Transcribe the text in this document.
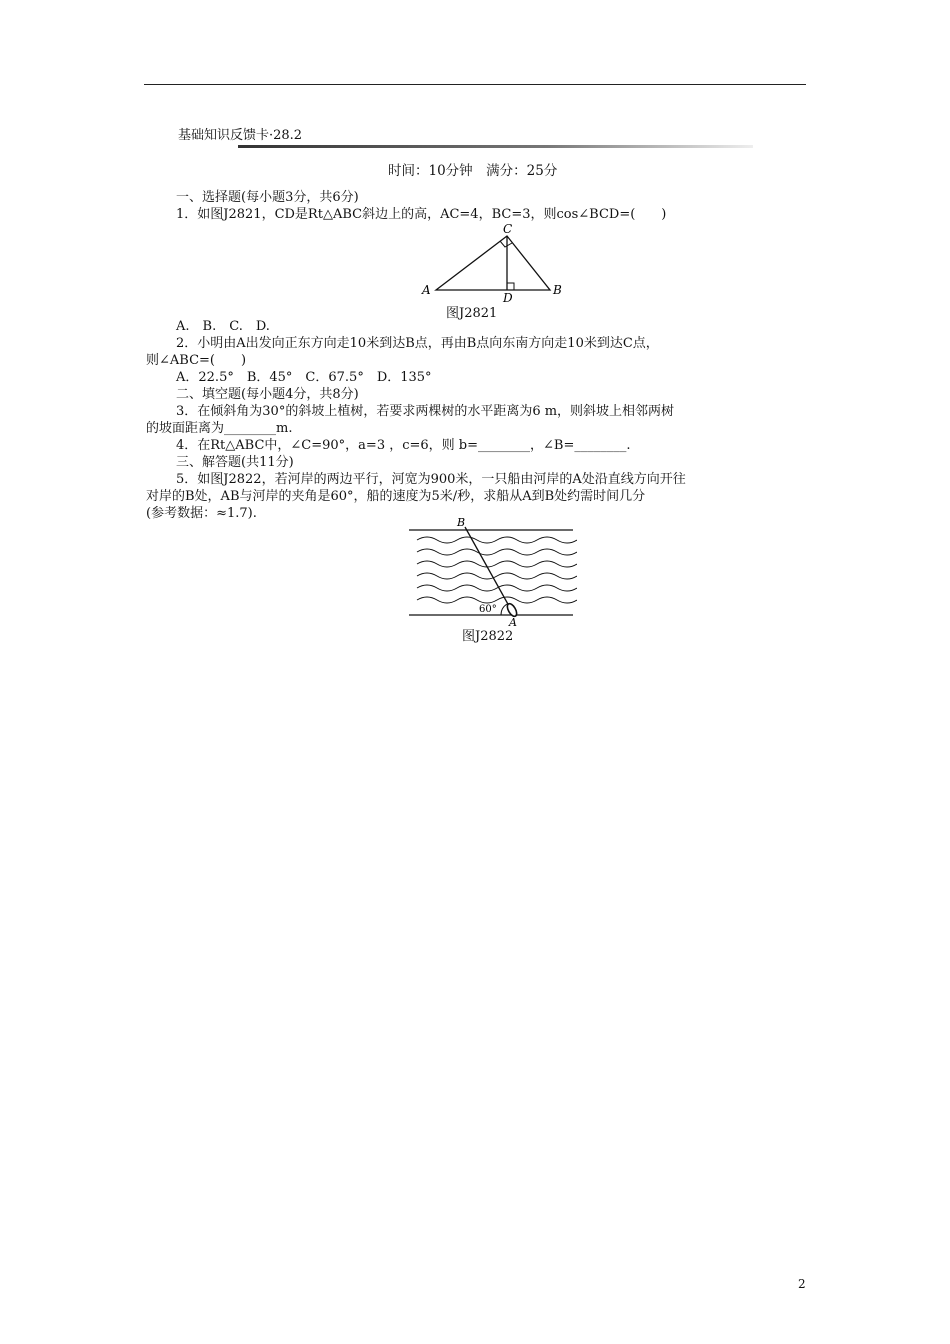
基础知识反馈卡·28.2
时间：10分钟　满分：25分
一、选择题(每小题3分，共6分)
1．如图J2821，CD是Rt△ABC斜边上的高，AC=4，BC=3，则cos∠BCD=(　　)
A	B
C
D
图J2821
A.　B.　C.　D.
2．小明由A出发向正东方向走10米到达B点，再由B点向东南方向走10米到达C点，
则∠ABC=(　　)
A．22.5°　B．45°　C．67.5°　D．135°
二、填空题(每小题4分，共8分)
3．在倾斜角为30°的斜坡上植树，若要求两棵树的水平距离为6 m，则斜坡上相邻两树
的坡面距离为________m.
4．在Rt△ABC中，∠C=90°，a=3 ，c=6，则 b=________，∠B=________.
三、解答题(共11分)
5．如图J2822，若河岸的两边平行，河宽为900米，一只船由河岸的A处沿直线方向开往
对岸的B处，AB与河岸的夹角是60°，船的速度为5米/秒，求船从A到B处约需时间几分
(参考数据：≈1.7).
B
A
60°
图J2822
2
